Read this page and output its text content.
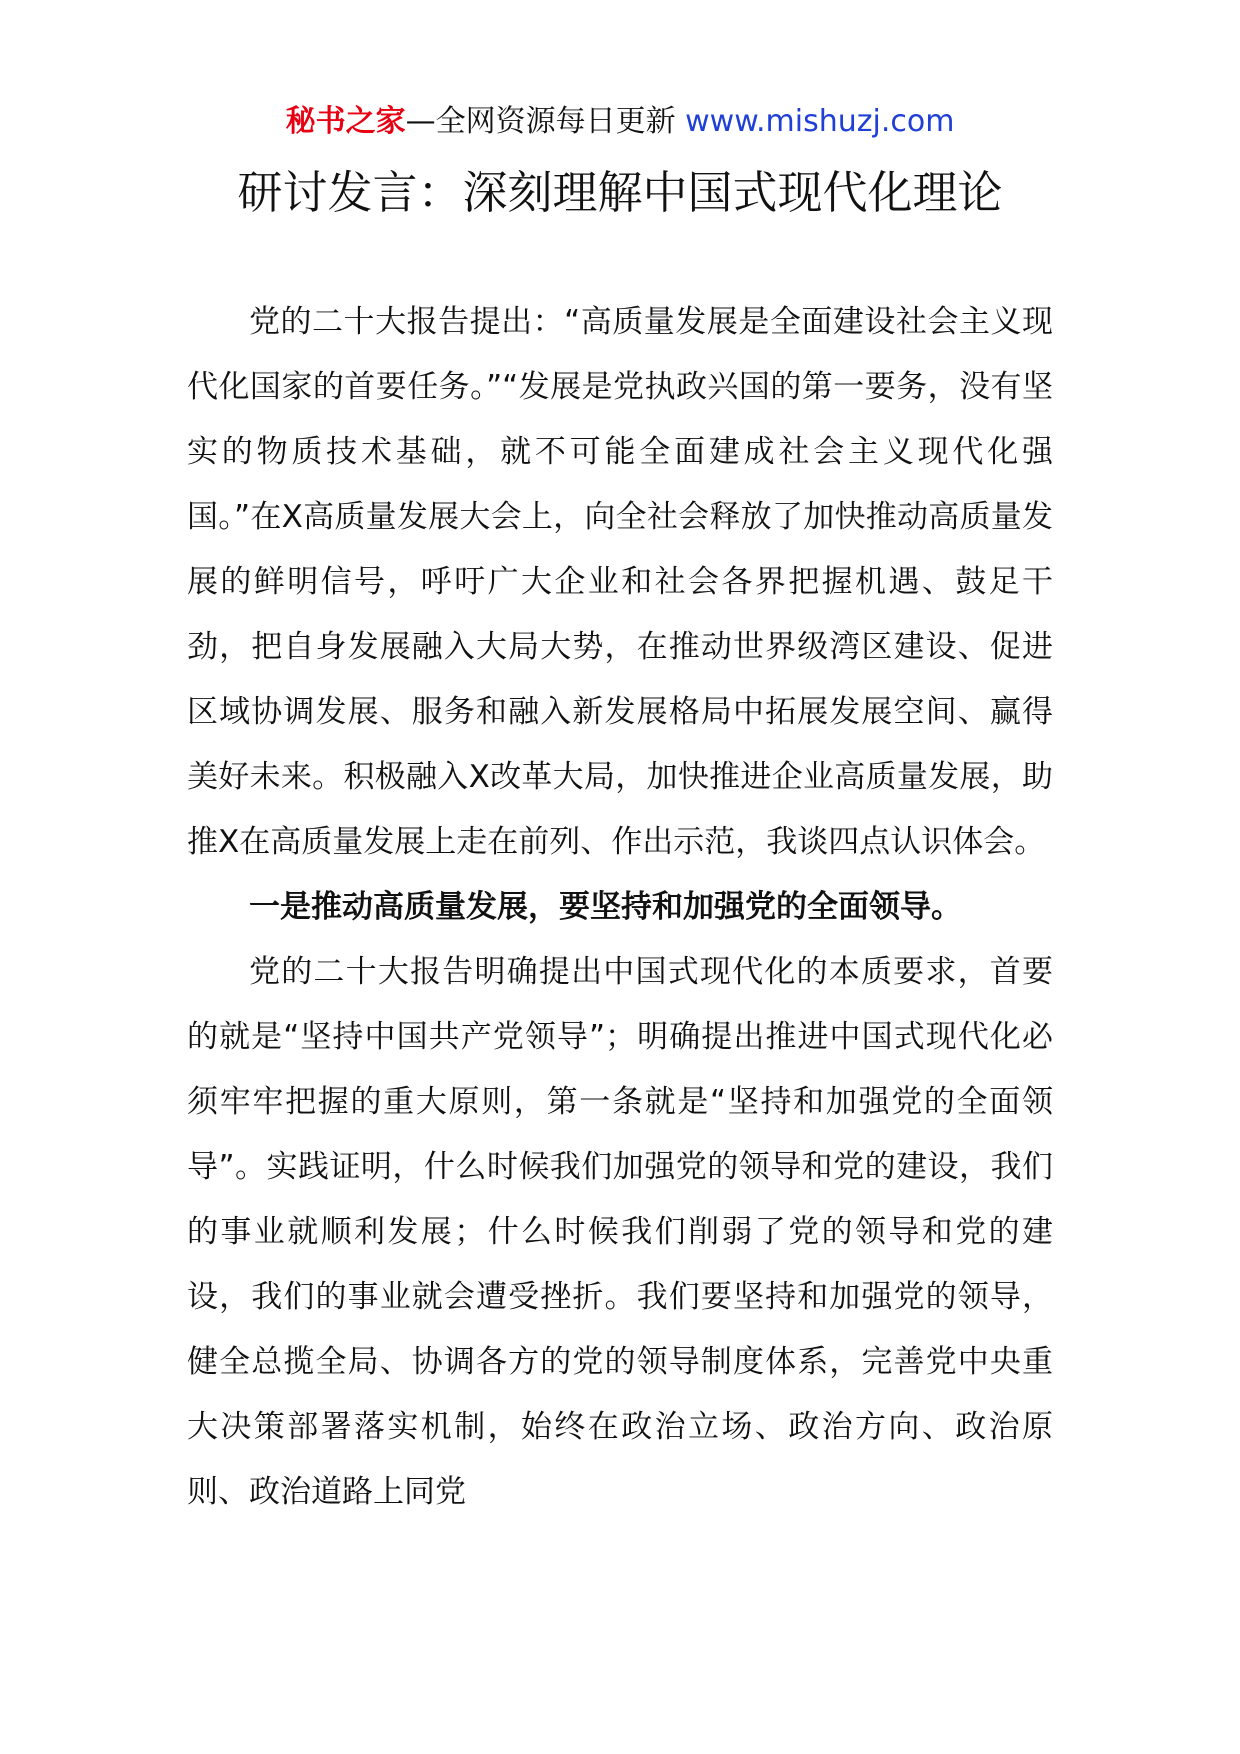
秘书之家—全网资源每日更新 www.mishuzj.com
研讨发言：深刻理解中国式现代化理论

党的二十大报告提出：“高质量发展是全面建设社会主义现代化国家的首要任务。”“发展是党执政兴国的第一要务，没有坚实的物质技术基础，就不可能全面建成社会主义现代化强国。”在X高质量发展大会上，向全社会释放了加快推动高质量发展的鲜明信号，呼吁广大企业和社会各界把握机遇、鼓足干劲，把自身发展融入大局大势，在推动世界级湾区建设、促进区域协调发展、服务和融入新发展格局中拓展发展空间、赢得美好未来。积极融入X改革大局，加快推进企业高质量发展，助推X在高质量发展上走在前列、作出示范，我谈四点认识体会。

一是推动高质量发展，要坚持和加强党的全面领导。

党的二十大报告明确提出中国式现代化的本质要求，首要的就是“坚持中国共产党领导”；明确提出推进中国式现代化必须牢牢把握的重大原则，第一条就是“坚持和加强党的全面领导”。实践证明，什么时候我们加强党的领导和党的建设，我们的事业就顺利发展；什么时候我们削弱了党的领导和党的建设，我们的事业就会遭受挫折。我们要坚持和加强党的领导，健全总揽全局、协调各方的党的领导制度体系，完善党中央重大决策部署落实机制，始终在政治立场、政治方向、政治原则、政治道路上同党
